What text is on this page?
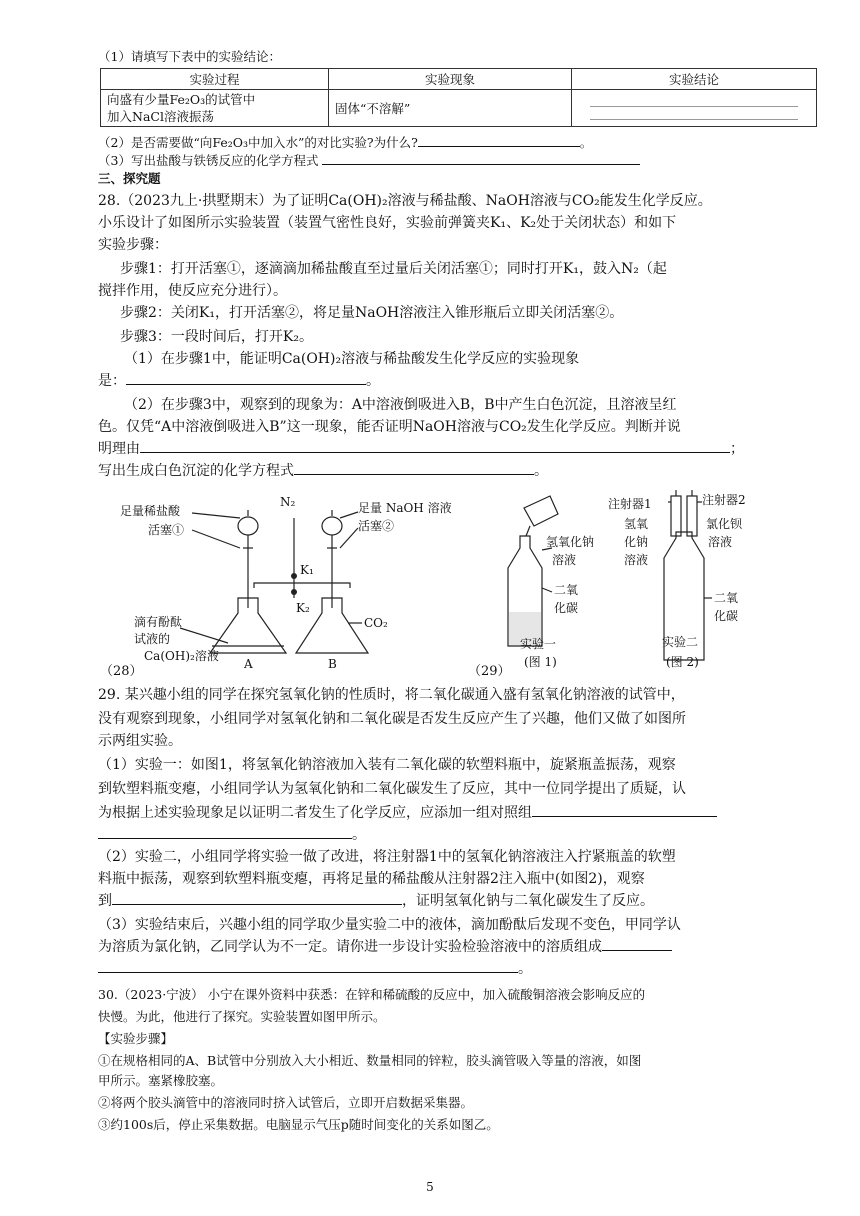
（1）请填写下表中的实验结论：
实验过程	实验现象	实验结论

向盛有少量Fe₂O₃的试管中
加入NaCl溶液振荡	固体“不溶解”	
（2）是否需要做“向Fe₂O₃中加入水”的对比实验?为什么?	。
（3）写出盐酸与铁锈反应的化学方程式
三、探究题
28.（2023九上·拱墅期末）为了证明Ca(OH)₂溶液与稀盐酸、NaOH溶液与CO₂能发生化学反应。
小乐设计了如图所示实验装置（装置气密性良好，实验前弹簧夹K₁、K₂处于关闭状态）和如下
实验步骤：
步骤1：打开活塞①，逐滴滴加稀盐酸直至过量后关闭活塞①；同时打开K₁，鼓入N₂（起
搅拌作用，使反应充分进行）。
步骤2：关闭K₁，打开活塞②，将足量NaOH溶液注入锥形瓶后立即关闭活塞②。
步骤3：一段时间后，打开K₂。
（1）在步骤1中，能证明Ca(OH)₂溶液与稀盐酸发生化学反应的实验现象
是：	。
（2）在步骤3中，观察到的现象为：A中溶液倒吸进入B，B中产生白色沉淀，且溶液呈红
色。仅凭“A中溶液倒吸进入B”这一现象，能否证明NaOH溶液与CO₂发生化学反应。判断并说
明理由	；
写出生成白色沉淀的化学方程式	。
足量稀盐酸
活塞①
N₂
K₁
K₂
足量 NaOH 溶液
活塞②
滴有酚酞
试液的
Ca(OH)₂溶液
A	B
CO₂
（28）
氢氧化钠
溶液
二氧
化碳
实验一
(图 1)
注射器1	注射器2
氢氧
化钠
溶液
氯化钡
溶液
二氧
化碳
实验二
(图 2)
（29）
29. 某兴趣小组的同学在探究氢氧化钠的性质时，将二氧化碳通入盛有氢氧化钠溶液的试管中，
没有观察到现象，小组同学对氢氧化钠和二氧化碳是否发生反应产生了兴趣，他们又做了如图所
示两组实验。
（1）实验一：如图1，将氢氧化钠溶液加入装有二氧化碳的软塑料瓶中，旋紧瓶盖振荡，观察
到软塑料瓶变瘪，小组同学认为氢氧化钠和二氧化碳发生了反应，其中一位同学提出了质疑，认
为根据上述实验现象足以证明二者发生了化学反应，应添加一组对照组
。
（2）实验二，小组同学将实验一做了改进，将注射器1中的氢氧化钠溶液注入拧紧瓶盖的软塑
料瓶中振荡，观察到软塑料瓶变瘪，再将足量的稀盐酸从注射器2注入瓶中(如图2)，观察
到	，证明氢氧化钠与二氧化碳发生了反应。
（3）实验结束后，兴趣小组的同学取少量实验二中的液体，滴加酚酞后发现不变色，甲同学认
为溶质为氯化钠，乙同学认为不一定。请你进一步设计实验检验溶液中的溶质组成
。
30.（2023·宁波） 小宁在课外资料中获悉：在锌和稀硫酸的反应中，加入硫酸铜溶液会影响反应的
快慢。为此，他进行了探究。实验装置如图甲所示。
【实验步骤】
①在规格相同的A、B试管中分别放入大小相近、数量相同的锌粒，胶头滴管吸入等量的溶液，如图
甲所示。塞紧橡胶塞。
②将两个胶头滴管中的溶液同时挤入试管后，立即开启数据采集器。
③约100s后，停止采集数据。电脑显示气压p随时间变化的关系如图乙。
5
